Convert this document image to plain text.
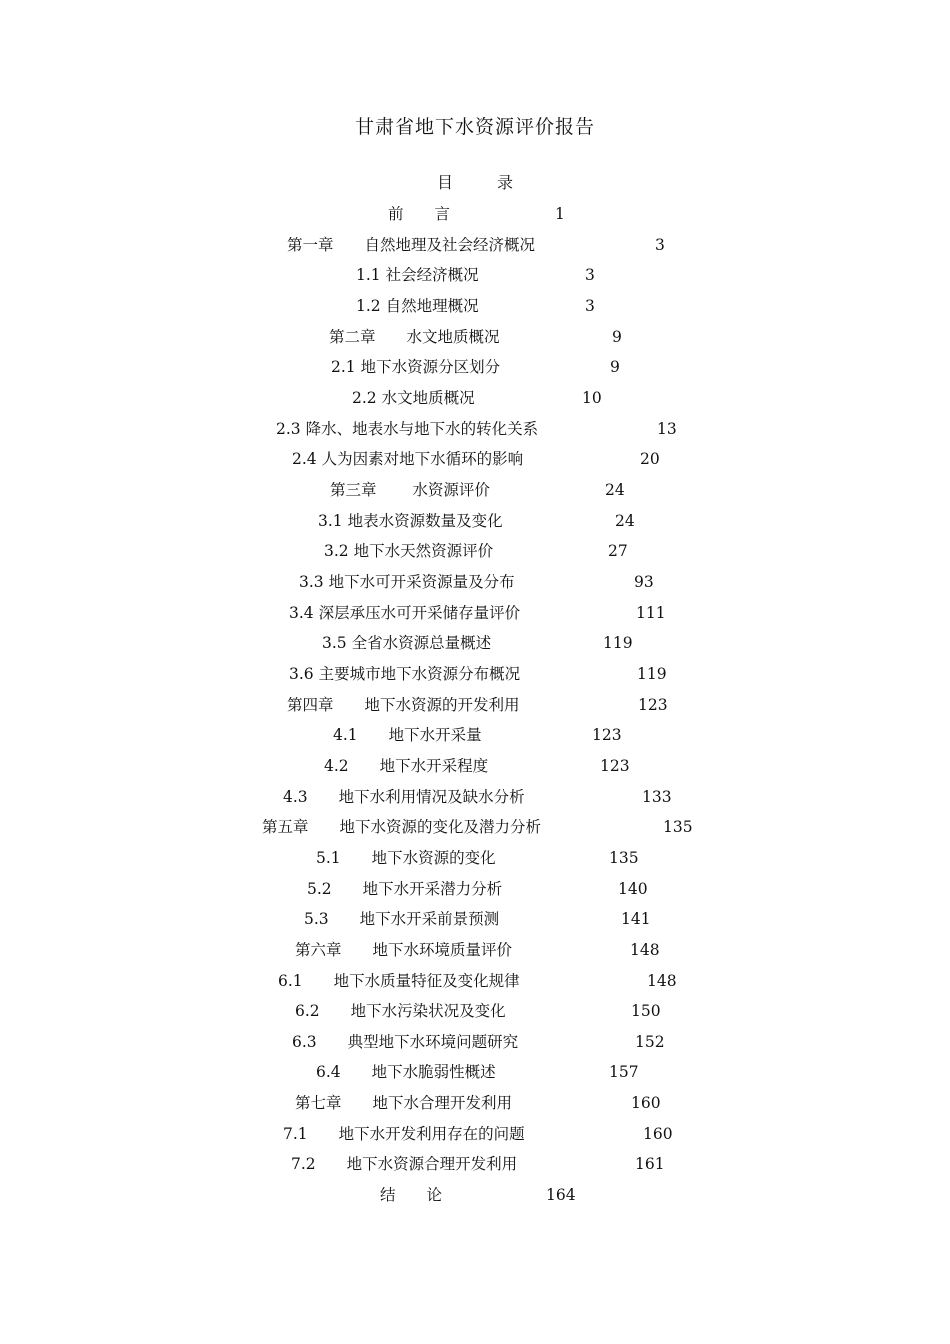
甘肃省地下水资源评价报告
目	录
前　　言	1
第一章　　自然地理及社会经济概况	3
1.1 社会经济概况	3
1.2 自然地理概况	3
第二章　　水文地质概况	9
2.1 地下水资源分区划分	9
2.2 水文地质概况	10
2.3 降水、地表水与地下水的转化关系	13
2.4 人为因素对地下水循环的影响	20
第三章　　 水资源评价	24
3.1 地表水资源数量及变化	24
3.2 地下水天然资源评价	27
3.3 地下水可开采资源量及分布	93
3.4 深层承压水可开采储存量评价	111
3.5 全省水资源总量概述	119
3.6 主要城市地下水资源分布概况	119
第四章　　地下水资源的开发利用	123
4.1　　地下水开采量	123
4.2　　地下水开采程度	123
4.3　　地下水利用情况及缺水分析	133
第五章　　地下水资源的变化及潜力分析	135
5.1　　地下水资源的变化	135
5.2　　地下水开采潜力分析	140
5.3　　地下水开采前景预测	141
第六章　　地下水环境质量评价	148
6.1　　地下水质量特征及变化规律	148
6.2　　地下水污染状况及变化	150
6.3　　典型地下水环境问题研究	152
6.4　　地下水脆弱性概述	157
第七章　　地下水合理开发利用	160
7.1　　地下水开发利用存在的问题	160
7.2　　地下水资源合理开发利用	161
结　　论	164
